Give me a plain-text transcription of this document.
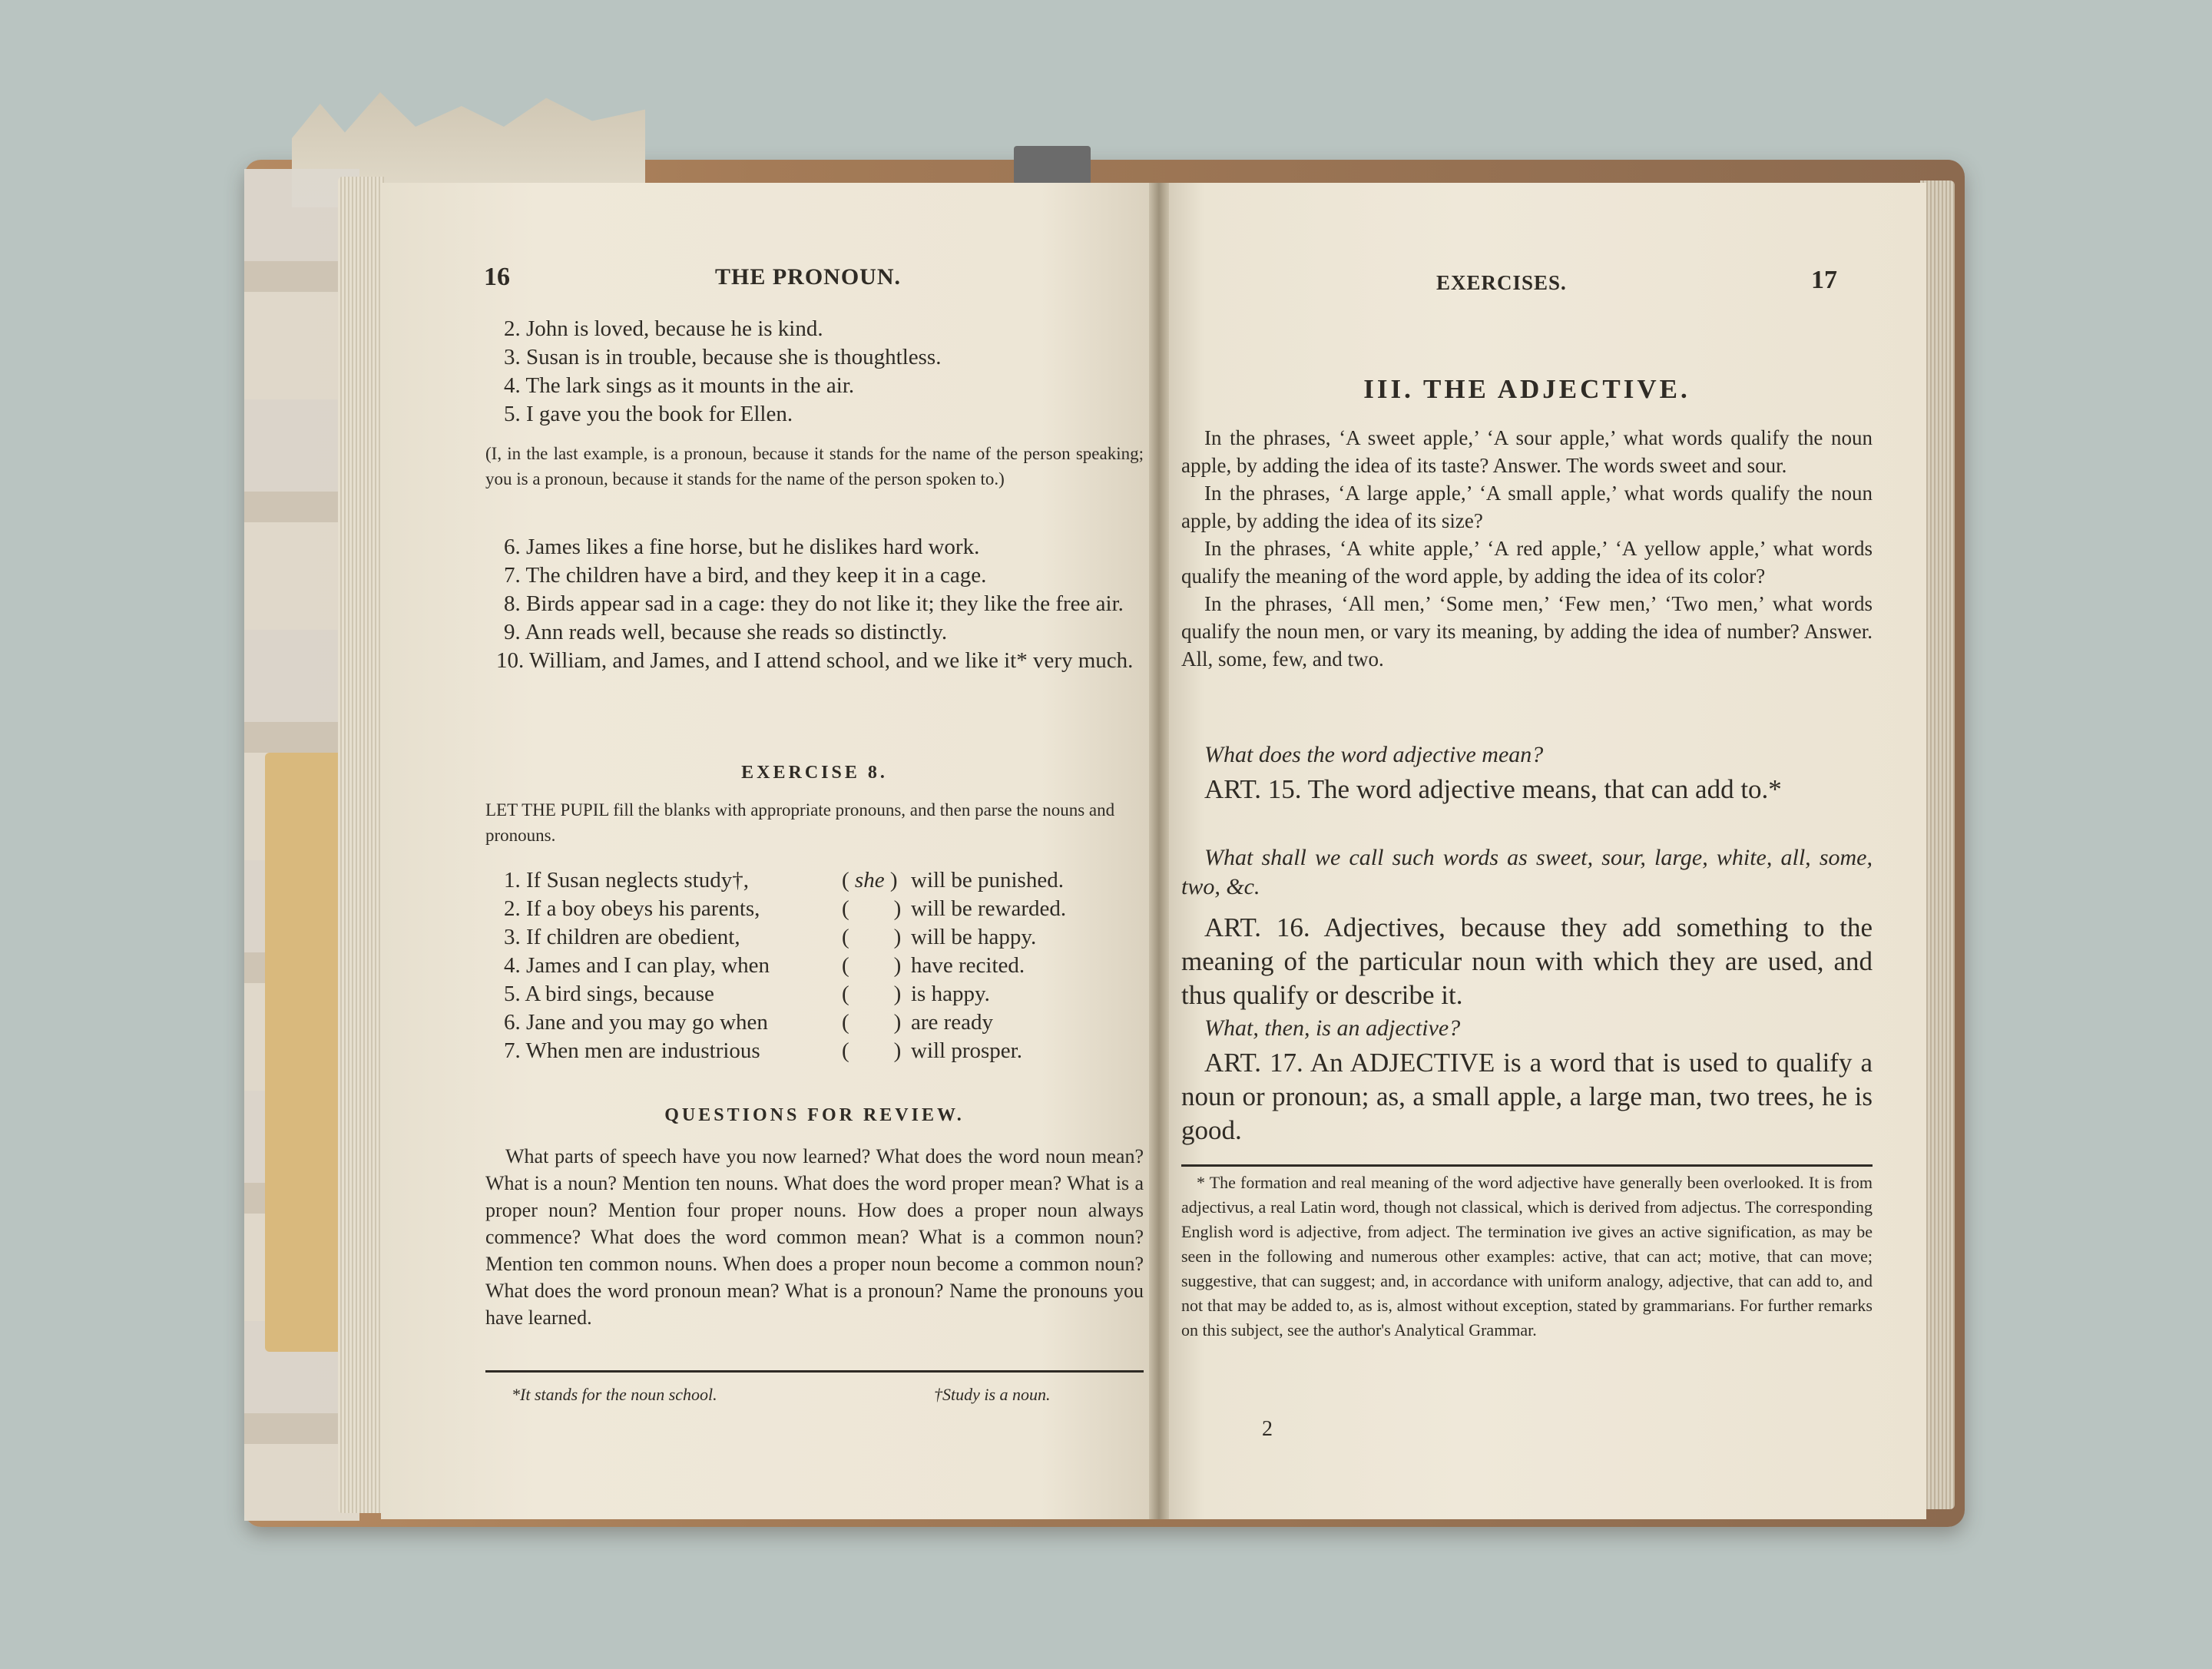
16	THE PRONOUN.
2. John is loved, because he is kind.
3. Susan is in trouble, because she is thoughtless.
4. The lark sings as it mounts in the air.
5. I gave you the book for Ellen.
(I, in the last example, is a pronoun, because it stands for the name of the person speaking; you is a pronoun, because it stands for the name of the person spoken to.)
6. James likes a fine horse, but he dislikes hard work.
7. The children have a bird, and they keep it in a cage.
8. Birds appear sad in a cage: they do not like it; they like the free air.
9. Ann reads well, because she reads so distinctly.
10. William, and James, and I attend school, and we like it* very much.
EXERCISE 8.
LET THE PUPIL fill the blanks with appropriate pronouns, and then parse the nouns and pronouns.
1. If Susan neglects study†,	( she ) will be punished.
2. If a boy obeys his parents,	(        ) will be rewarded.
3. If children are obedient,	(        ) will be happy.
4. James and I can play, when	(        ) have recited.
5. A bird sings, because	(        ) is happy.
6. Jane and you may go when	(        ) are ready
7. When men are industrious	(        ) will prosper.
QUESTIONS FOR REVIEW.
What parts of speech have you now learned? What does the word noun mean? What is a noun? Mention ten nouns. What does the word proper mean? What is a proper noun? Mention four proper nouns. How does a proper noun always commence? What does the word common mean? What is a common noun? Mention ten common nouns. When does a proper noun become a common noun? What does the word pronoun mean? What is a pronoun? Name the pronouns you have learned.
*It stands for the noun school.	†Study is a noun.
EXERCISES.	17
III. THE ADJECTIVE.
In the phrases, ‘A sweet apple,’ ‘A sour apple,’ what words qualify the noun apple, by adding the idea of its taste? Answer. The words sweet and sour.
In the phrases, ‘A large apple,’ ‘A small apple,’ what words qualify the noun apple, by adding the idea of its size?
In the phrases, ‘A white apple,’ ‘A red apple,’ ‘A yellow apple,’ what words qualify the meaning of the word apple, by adding the idea of its color?
In the phrases, ‘All men,’ ‘Some men,’ ‘Few men,’ ‘Two men,’ what words qualify the noun men, or vary its meaning, by adding the idea of number? Answer. All, some, few, and two.
What does the word adjective mean?
ART. 15. The word adjective means, that can add to.*
What shall we call such words as sweet, sour, large, white, all, some, two, &c.
ART. 16. Adjectives, because they add something to the meaning of the particular noun with which they are used, and thus qualify or describe it.
What, then, is an adjective?
ART. 17. An ADJECTIVE is a word that is used to qualify a noun or pronoun; as, a small apple, a large man, two trees, he is good.
* The formation and real meaning of the word adjective have generally been overlooked. It is from adjectivus, a real Latin word, though not classical, which is derived from adjectus. The corresponding English word is adjective, from adject. The termination ive gives an active signification, as may be seen in the following and numerous other examples: active, that can act; motive, that can move; suggestive, that can suggest; and, in accordance with uniform analogy, adjective, that can add to, and not that may be added to, as is, almost without exception, stated by grammarians. For further remarks on this subject, see the author's Analytical Grammar.
2
